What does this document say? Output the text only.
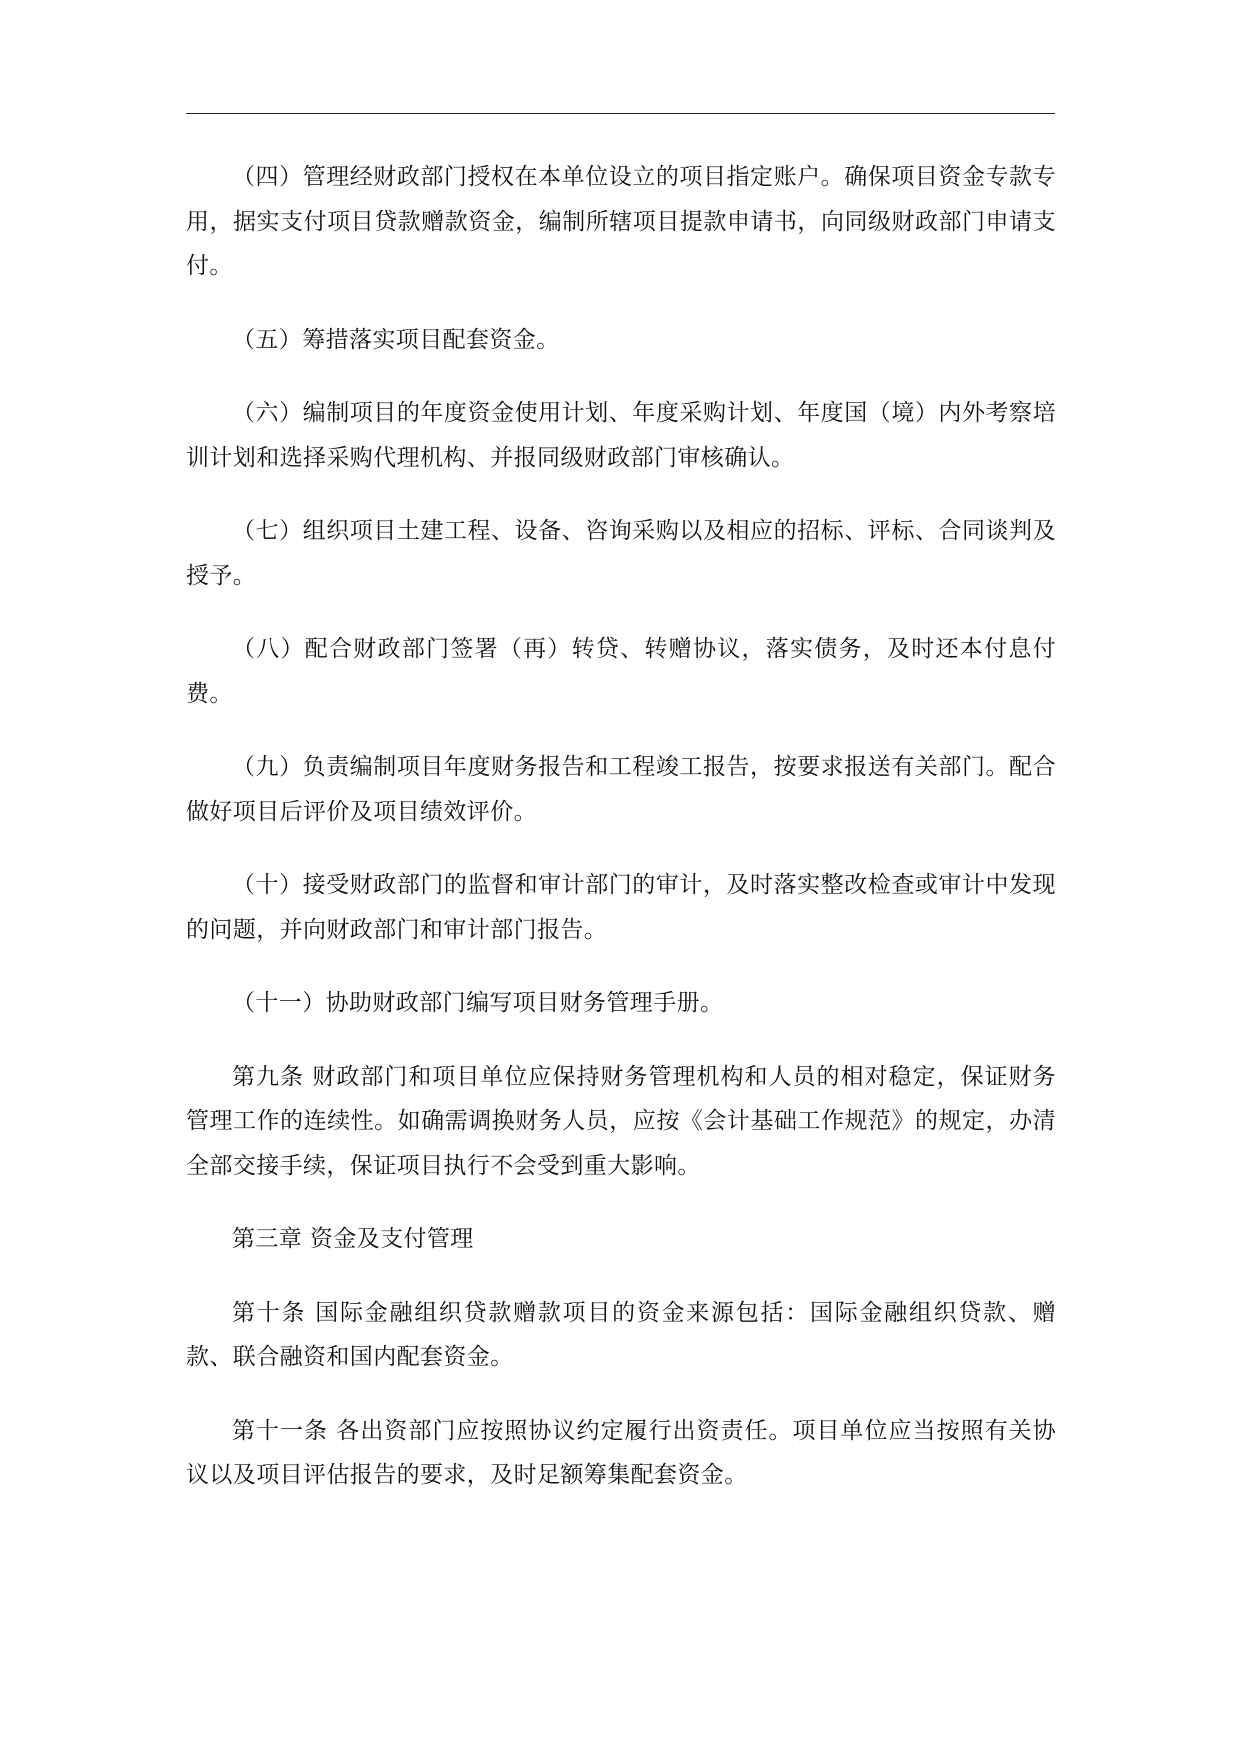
（四）管理经财政部门授权在本单位设立的项目指定账户。确保项目资金专款专用，据实支付项目贷款赠款资金，编制所辖项目提款申请书，向同级财政部门申请支付。

（五）筹措落实项目配套资金。

（六）编制项目的年度资金使用计划、年度采购计划、年度国（境）内外考察培训计划和选择采购代理机构、并报同级财政部门审核确认。

（七）组织项目土建工程、设备、咨询采购以及相应的招标、评标、合同谈判及授予。

（八）配合财政部门签署（再）转贷、转赠协议，落实债务，及时还本付息付费。

（九）负责编制项目年度财务报告和工程竣工报告，按要求报送有关部门。配合做好项目后评价及项目绩效评价。

（十）接受财政部门的监督和审计部门的审计，及时落实整改检查或审计中发现的问题，并向财政部门和审计部门报告。

（十一）协助财政部门编写项目财务管理手册。

第九条 财政部门和项目单位应保持财务管理机构和人员的相对稳定，保证财务管理工作的连续性。如确需调换财务人员，应按《会计基础工作规范》的规定，办清全部交接手续，保证项目执行不会受到重大影响。

第三章 资金及支付管理

第十条 国际金融组织贷款赠款项目的资金来源包括：国际金融组织贷款、赠款、联合融资和国内配套资金。

第十一条 各出资部门应按照协议约定履行出资责任。项目单位应当按照有关协议以及项目评估报告的要求，及时足额筹集配套资金。
